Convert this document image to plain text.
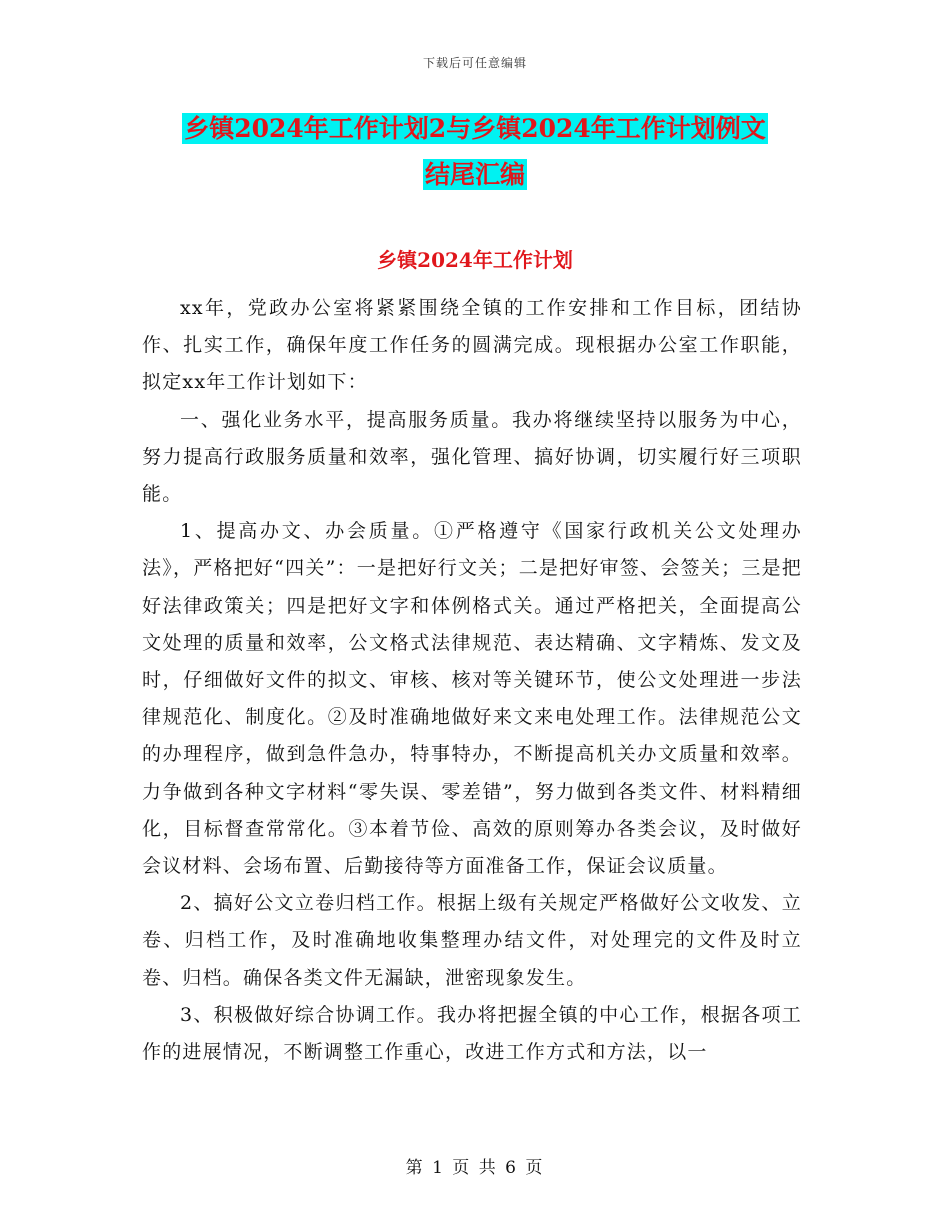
下载后可任意编辑
乡镇2024年工作计划2与乡镇2024年工作计划例文
结尾汇编
乡镇2024年工作计划

xx年，党政办公室将紧紧围绕全镇的工作安排和工作目标，团结协作、扎实工作，确保年度工作任务的圆满完成。现根据办公室工作职能，拟定xx年工作计划如下：

一、强化业务水平，提高服务质量。我办将继续坚持以服务为中心，努力提高行政服务质量和效率，强化管理、搞好协调，切实履行好三项职能。

1、提高办文、办会质量。①严格遵守《国家行政机关公文处理办法》，严格把好“四关”：一是把好行文关；二是把好审签、会签关；三是把好法律政策关；四是把好文字和体例格式关。通过严格把关，全面提高公文处理的质量和效率，公文格式法律规范、表达精确、文字精炼、发文及时，仔细做好文件的拟文、审核、核对等关键环节，使公文处理进一步法律规范化、制度化。②及时准确地做好来文来电处理工作。法律规范公文的办理程序，做到急件急办，特事特办，不断提高机关办文质量和效率。力争做到各种文字材料“零失误、零差错”，努力做到各类文件、材料精细化，目标督查常常化。③本着节俭、高效的原则筹办各类会议，及时做好会议材料、会场布置、后勤接待等方面准备工作，保证会议质量。

2、搞好公文立卷归档工作。根据上级有关规定严格做好公文收发、立卷、归档工作，及时准确地收集整理办结文件，对处理完的文件及时立卷、归档。确保各类文件无漏缺，泄密现象发生。

3、积极做好综合协调工作。我办将把握全镇的中心工作，根据各项工作的进展情况，不断调整工作重心，改进工作方式和方法，以一

第 1 页 共 6 页
